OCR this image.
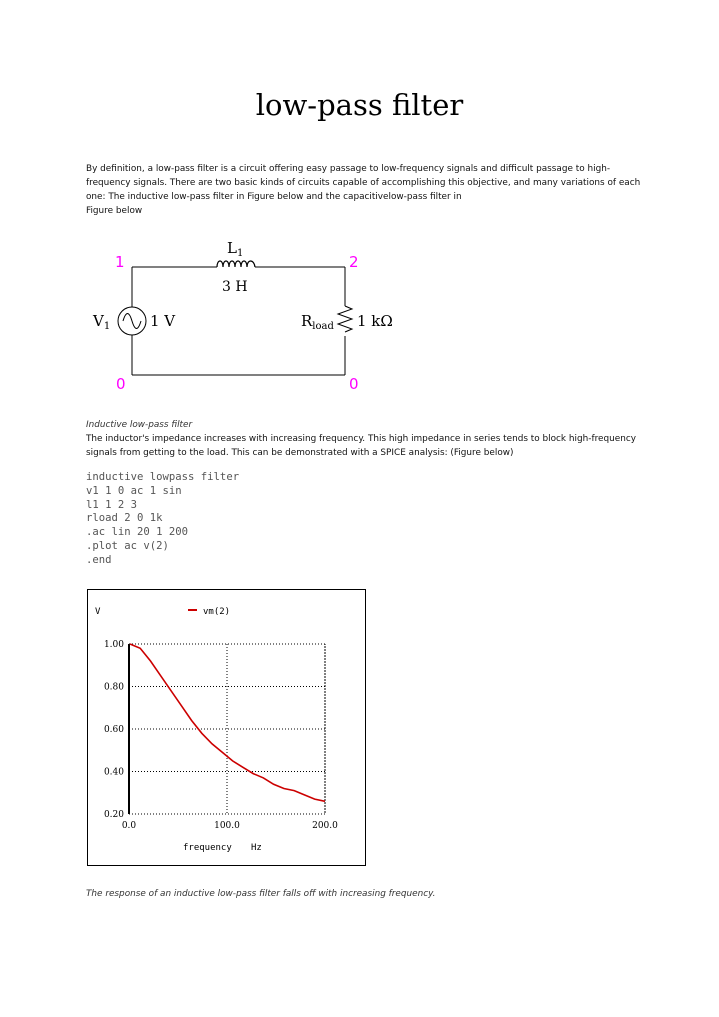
low-pass filter
By definition, a low-pass filter is a circuit offering easy passage to low-frequency signals and difficult passage to high-frequency signals. There are two basic kinds of circuits capable of accomplishing this objective, and many variations of each one: The inductive low-pass filter in Figure below and the capacitivelow-pass filter in
Figure below
1	2
0	0
$L_1$
3 H
$V_1$	1 V	$R_{load}$ 1 kΩ
Inductive low-pass filter
The inductor's impedance increases with increasing frequency. This high impedance in series tends to block high-frequency signals from getting to the load. This can be demonstrated with a SPICE analysis: (Figure below)
inductive lowpass filter
v1 1 0 ac 1 sin
l1 1 2 3
rload 2 0 1k
.ac lin 20 1 200
.plot ac v(2)
.end
V	vm(2)
1.00
0.80
0.60
0.40
0.20
0.0	100.0	200.0
frequency Hz
The response of an inductive low-pass filter falls off with increasing frequency.
